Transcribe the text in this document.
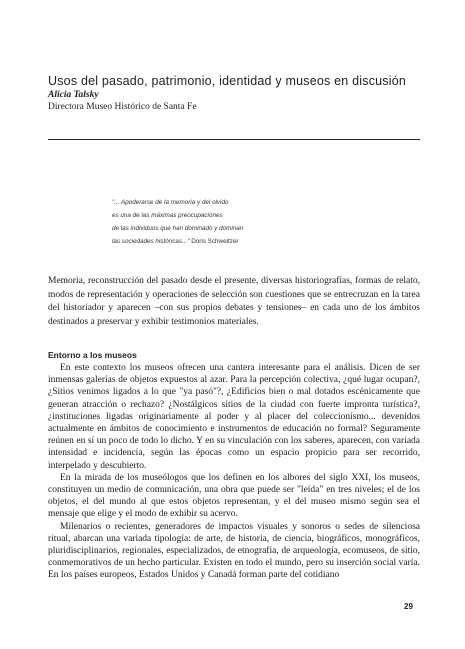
Usos del pasado, patrimonio, identidad y museos en discusión
Alicia Talsky
Directora Museo Histórico de Santa Fe
"... Apoderarse de la memoria y del olvido
es una de las máximas preocupaciones
de las individuos que han dominado y dominan
las sociedades históricas..." Doris Schweitzer
Memoria, reconstrucción del pasado desde el presente, diversas historiografías, formas de relato, modos de representación y operaciones de selección son cuestiones que se entrecruzan en la tarea del historiador y aparecen –con sus propios debates y tensiones– en cada uno de los ámbitos destinados a preservar y exhibir testimonios materiales.
Entorno a los museos

En este contexto los museos ofrecen una cantera interesante para el análisis. Dicen de ser inmensas galerías de objetos expuestos al azar. Para la percepción colectiva, ¿qué lugar ocupan?, ¿Sitios venimos ligados a lo que "ya pasó"?, ¿Edificios bien o mal dotados escénicamente que generan atracción o rechazo? ¿Nostálgicos sitios de la ciudad con fuerte impronta turística?, ¿instituciones ligadas originariamente al poder y al placer del coleccionismo... devenidos actualmente en ámbitos de conocimiento e instrumentos de educación no formal? Seguramente reúnen en sí un poco de todo lo dicho. Y en su vinculación con los saberes, aparecen, con variada intensidad e incidencia, según las épocas como un espacio propicio para ser recorrido, interpelado y descubierto.

En la mirada de los museólogos que los definen en los albores del siglo XXI, los museos, constituyen un medio de comunicación, una obra que puede ser "leída" en tres niveles; el de los objetos, el del mundo al que estos objetos representan, y el del museo mismo según sea el mensaje que elige y el modo de exhibir su acervo.

Milenarios o recientes, generadores de impactos visuales y sonoros o sedes de silenciosa ritual, abarcan una variada tipología: de arte, de historia, de ciencia, biográficos, monográficos, pluridisciplinarios, regionales, especializados, de etnografía, de arqueología, ecomuseos, de sitio, conmemorativos de un hecho particular. Existen en todo el mundo, pero su inserción social varía. En los países europeos, Estados Unidos y Canadá forman parte del cotidiano

29
